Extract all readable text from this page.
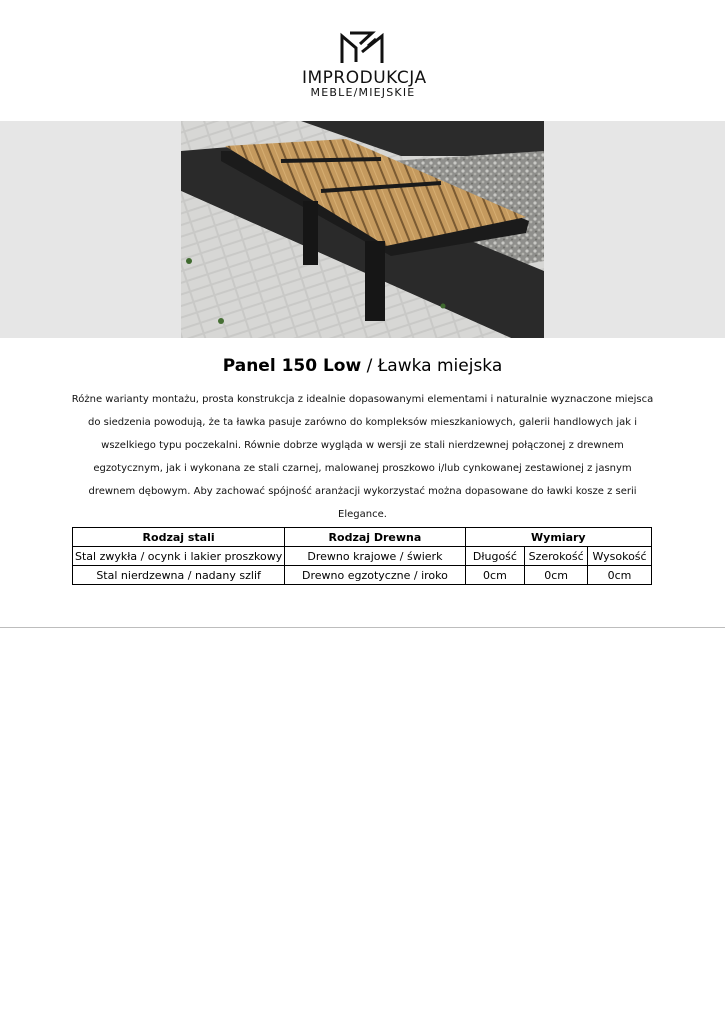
IMPRODUKCJA
MEBLE/MIEJSKIE
Panel 150 Low / Ławka miejska
Różne warianty montażu, prosta konstrukcja z idealnie dopasowanymi elementami i naturalnie wyznaczone miejsca do siedzenia powodują, że ta ławka pasuje zarówno do kompleksów mieszkaniowych, galerii handlowych jak i wszelkiego typu poczekalni. Równie dobrze wygląda w wersji ze stali nierdzewnej połączonej z drewnem egzotycznym, jak i wykonana ze stali czarnej, malowanej proszkowo i/lub cynkowanej zestawionej z jasnym drewnem dębowym. Aby zachować spójność aranżacji wykorzystać można dopasowane do ławki kosze z serii Elegance.
Rodzaj stali	Rodzaj Drewna	Wymiary		
Stal zwykła / ocynk i lakier proszkowy	Drewno krajowe / świerk	Długość	Szerokość	Wysokość
Stal nierdzewna / nadany szlif	Drewno egzotyczne / iroko	0cm	0cm	0cm
